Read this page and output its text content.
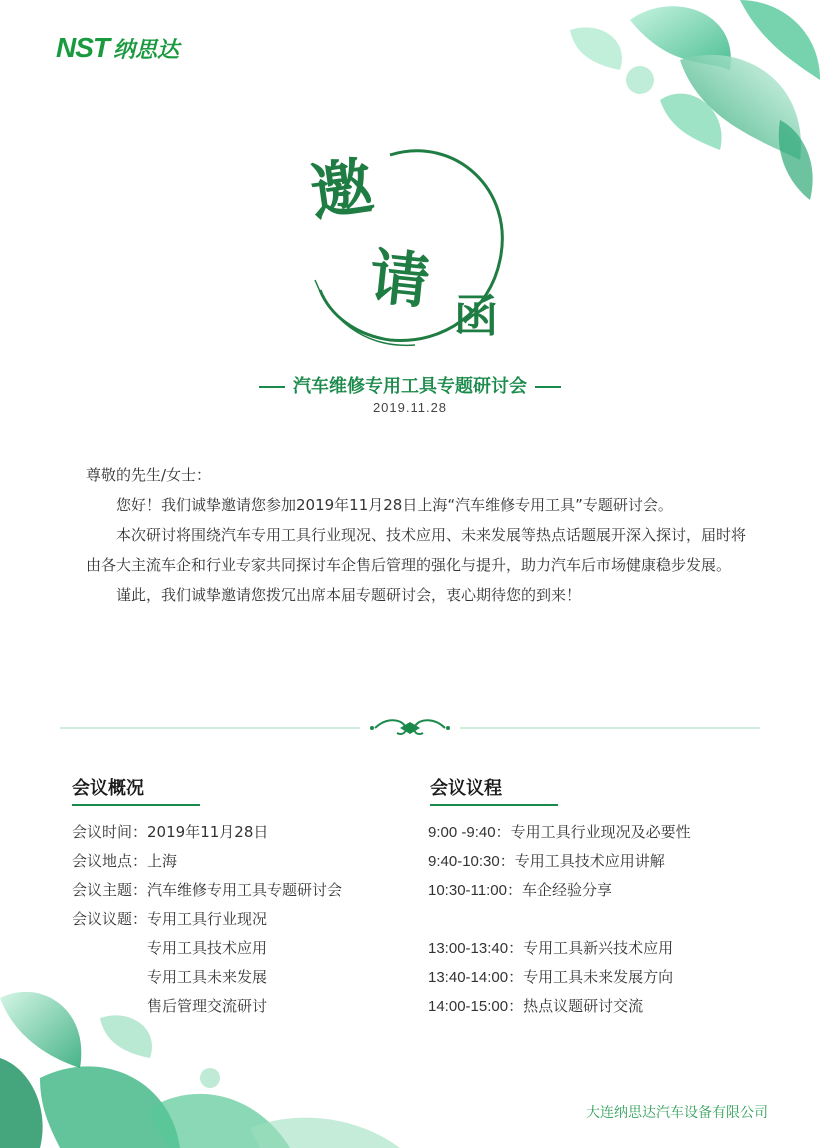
NST 纳思达
邀
请 函
汽车维修专用工具专题研讨会
2019.11.28

尊敬的先生/女士：

您好！我们诚挚邀请您参加2019年11月28日上海“汽车维修专用工具”专题研讨会。

本次研讨将围绕汽车专用工具行业现况、技术应用、未来发展等热点话题展开深入探讨，届时将由各大主流车企和行业专家共同探讨车企售后管理的强化与提升，助力汽车后市场健康稳步发展。

谨此，我们诚挚邀请您拨冗出席本届专题研讨会，衷心期待您的到来！

会议概况	会议议程
会议时间： 2019年11月28日
会议地点： 上海
会议主题： 汽车维修专用工具专题研讨会
会议议题： 专用工具行业现况
专用工具技术应用
专用工具未来发展
售后管理交流研讨
9:00 -9:40： 专用工具行业现况及必要性
9:40-10:30： 专用工具技术应用讲解
10:30-11:00： 车企经验分享
13:00-13:40： 专用工具新兴技术应用
13:40-14:00： 专用工具未来发展方向
14:00-15:00： 热点议题研讨交流
大连纳思达汽车设备有限公司
